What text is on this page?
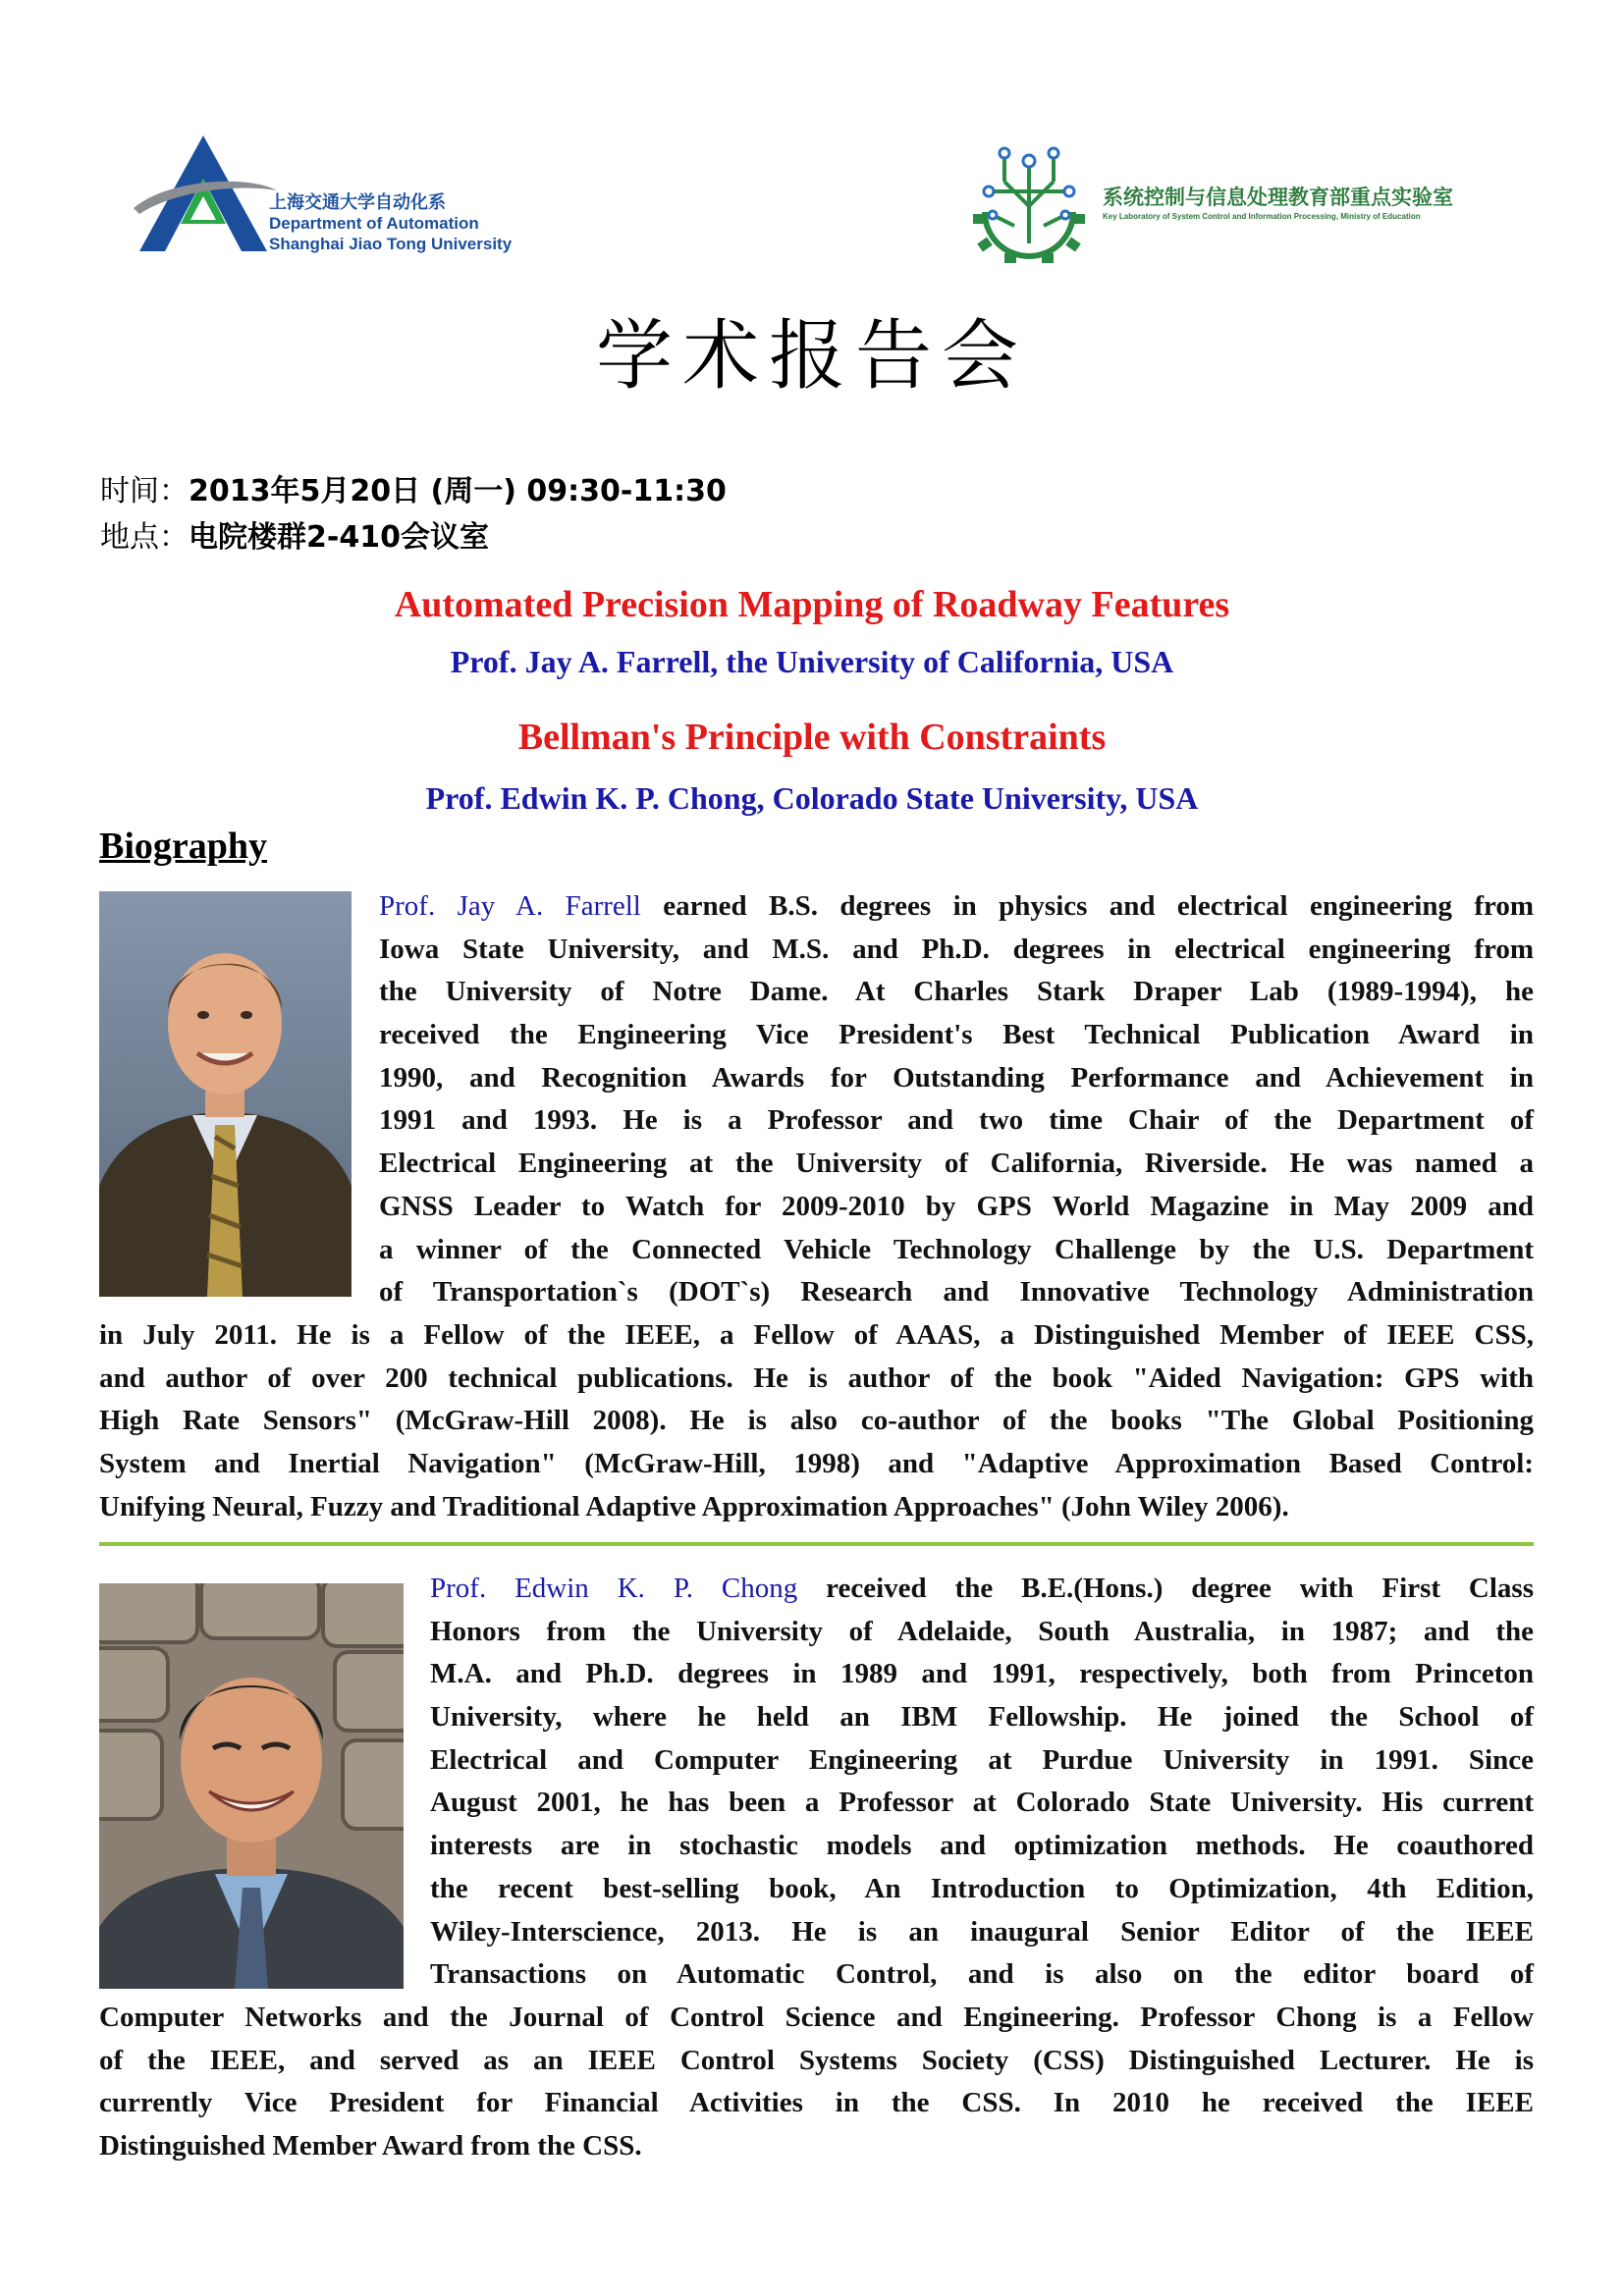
上海交通大学自动化系
Department of Automation
Shanghai Jiao Tong University
系统控制与信息处理教育部重点实验室
Key Laboratory of System Control and Information Processing, Ministry of Education
学术报告会
时间：2013年5月20日 (周一) 09:30-11:30
地点：电院楼群2-410会议室
Automated Precision Mapping of Roadway Features
Prof. Jay A. Farrell, the University of California, USA
Bellman's Principle with Constraints
Prof. Edwin K. P. Chong, Colorado State University, USA
Biography
Prof. Jay A. Farrell earned B.S. degrees in physics and electrical engineering from
Iowa State University, and M.S. and Ph.D. degrees in electrical engineering from
the University of Notre Dame. At Charles Stark Draper Lab (1989-1994), he
received the Engineering Vice President's Best Technical Publication Award in
1990, and Recognition Awards for Outstanding Performance and Achievement in
1991 and 1993. He is a Professor and two time Chair of the Department of
Electrical Engineering at the University of California, Riverside. He was named a
GNSS Leader to Watch for 2009-2010 by GPS World Magazine in May 2009 and
a winner of the Connected Vehicle Technology Challenge by the U.S. Department
of Transportation`s (DOT`s) Research and Innovative Technology Administration
in July 2011. He is a Fellow of the IEEE, a Fellow of AAAS, a Distinguished Member of IEEE CSS,
and author of over 200 technical publications. He is author of the book "Aided Navigation: GPS with
High Rate Sensors" (McGraw-Hill 2008). He is also co-author of the books "The Global Positioning
System and Inertial Navigation" (McGraw-Hill, 1998) and "Adaptive Approximation Based Control:
Unifying Neural, Fuzzy and Traditional Adaptive Approximation Approaches" (John Wiley 2006).
Prof. Edwin K. P. Chong received the B.E.(Hons.) degree with First Class
Honors from the University of Adelaide, South Australia, in 1987; and the
M.A. and Ph.D. degrees in 1989 and 1991, respectively, both from Princeton
University, where he held an IBM Fellowship. He joined the School of
Electrical and Computer Engineering at Purdue University in 1991. Since
August 2001, he has been a Professor at Colorado State University. His current
interests are in stochastic models and optimization methods. He coauthored
the recent best-selling book, An Introduction to Optimization, 4th Edition,
Wiley-Interscience, 2013. He is an inaugural Senior Editor of the IEEE
Transactions on Automatic Control, and is also on the editor board of
Computer Networks and the Journal of Control Science and Engineering. Professor Chong is a Fellow
of the IEEE, and served as an IEEE Control Systems Society (CSS) Distinguished Lecturer. He is
currently Vice President for Financial Activities in the CSS. In 2010 he received the IEEE
Distinguished Member Award from the CSS.
